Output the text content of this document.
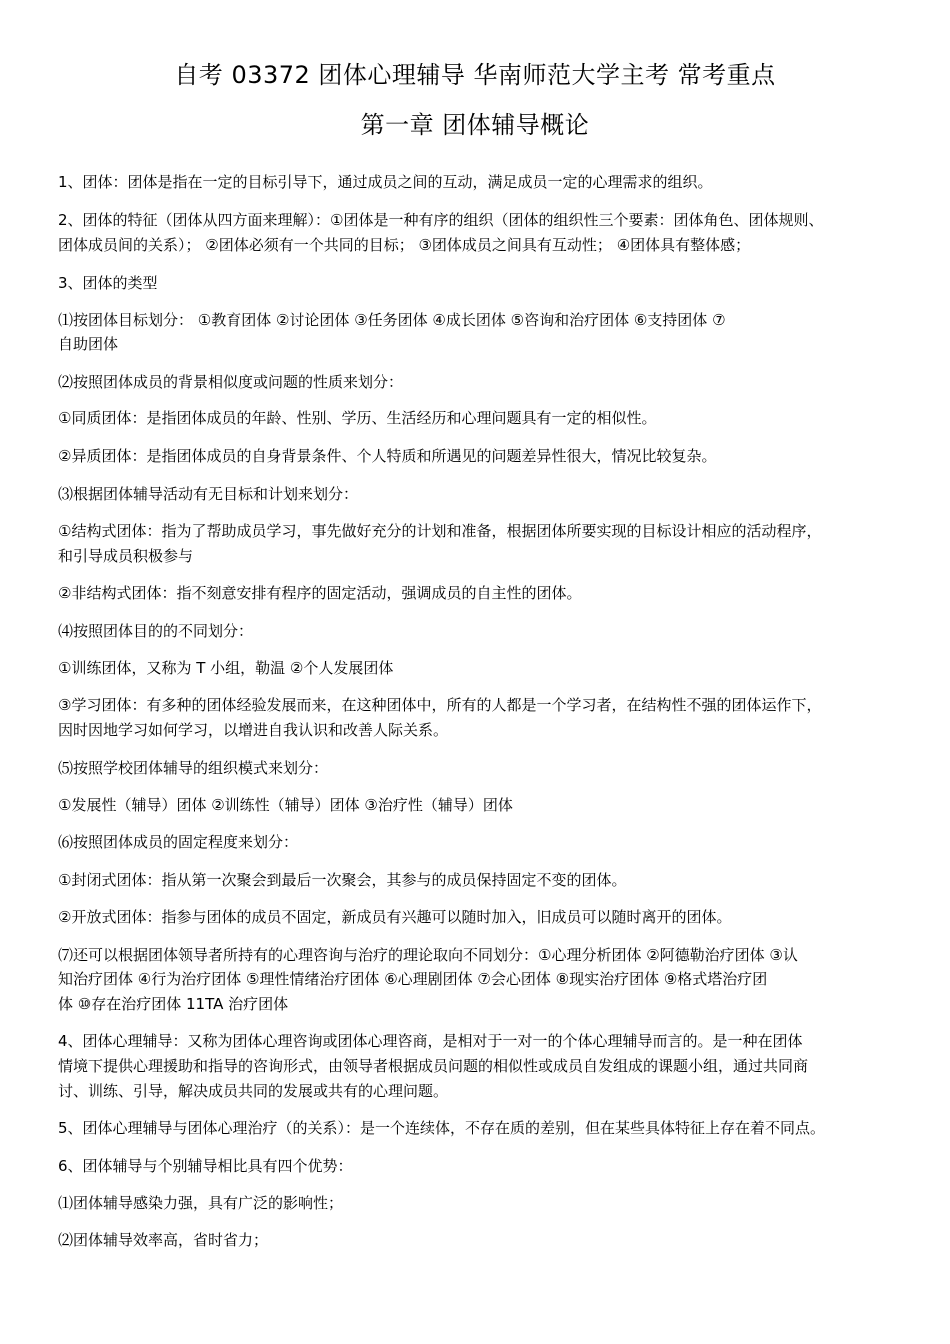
自考 03372 团体心理辅导 华南师范大学主考 常考重点
第一章 团体辅导概论
1、团体：团体是指在一定的目标引导下，通过成员之间的互动，满足成员一定的心理需求的组织。
2、团体的特征（团体从四方面来理解）：①团体是一种有序的组织（团体的组织性三个要素：团体角色、团体规则、
团体成员间的关系）； ②团体必须有一个共同的目标； ③团体成员之间具有互动性； ④团体具有整体感；
3、团体的类型
⑴按团体目标划分： ①教育团体 ②讨论团体 ③任务团体 ④成长团体 ⑤咨询和治疗团体 ⑥支持团体 ⑦
自助团体
⑵按照团体成员的背景相似度或问题的性质来划分：
①同质团体：是指团体成员的年龄、性别、学历、生活经历和心理问题具有一定的相似性。
②异质团体：是指团体成员的自身背景条件、个人特质和所遇见的问题差异性很大，情况比较复杂。
⑶根据团体辅导活动有无目标和计划来划分：
①结构式团体：指为了帮助成员学习，事先做好充分的计划和准备，根据团体所要实现的目标设计相应的活动程序，
和引导成员积极参与
②非结构式团体：指不刻意安排有程序的固定活动，强调成员的自主性的团体。
⑷按照团体目的的不同划分：
①训练团体，又称为 T 小组，勒温 ②个人发展团体
③学习团体：有多种的团体经验发展而来，在这种团体中，所有的人都是一个学习者，在结构性不强的团体运作下，
因时因地学习如何学习，以增进自我认识和改善人际关系。
⑸按照学校团体辅导的组织模式来划分：
①发展性（辅导）团体 ②训练性（辅导）团体 ③治疗性（辅导）团体
⑹按照团体成员的固定程度来划分：
①封闭式团体：指从第一次聚会到最后一次聚会，其参与的成员保持固定不变的团体。
②开放式团体：指参与团体的成员不固定，新成员有兴趣可以随时加入，旧成员可以随时离开的团体。
⑺还可以根据团体领导者所持有的心理咨询与治疗的理论取向不同划分：①心理分析团体 ②阿德勒治疗团体 ③认
知治疗团体 ④行为治疗团体 ⑤理性情绪治疗团体 ⑥心理剧团体 ⑦会心团体 ⑧现实治疗团体 ⑨格式塔治疗团
体 ⑩存在治疗团体 11TA 治疗团体
4、团体心理辅导：又称为团体心理咨询或团体心理咨商，是相对于一对一的个体心理辅导而言的。是一种在团体
情境下提供心理援助和指导的咨询形式，由领导者根据成员问题的相似性或成员自发组成的课题小组，通过共同商
讨、训练、引导，解决成员共同的发展或共有的心理问题。
5、团体心理辅导与团体心理治疗（的关系）：是一个连续体，不存在质的差别，但在某些具体特征上存在着不同点。
6、团体辅导与个别辅导相比具有四个优势：
⑴团体辅导感染力强，具有广泛的影响性；
⑵团体辅导效率高，省时省力；
